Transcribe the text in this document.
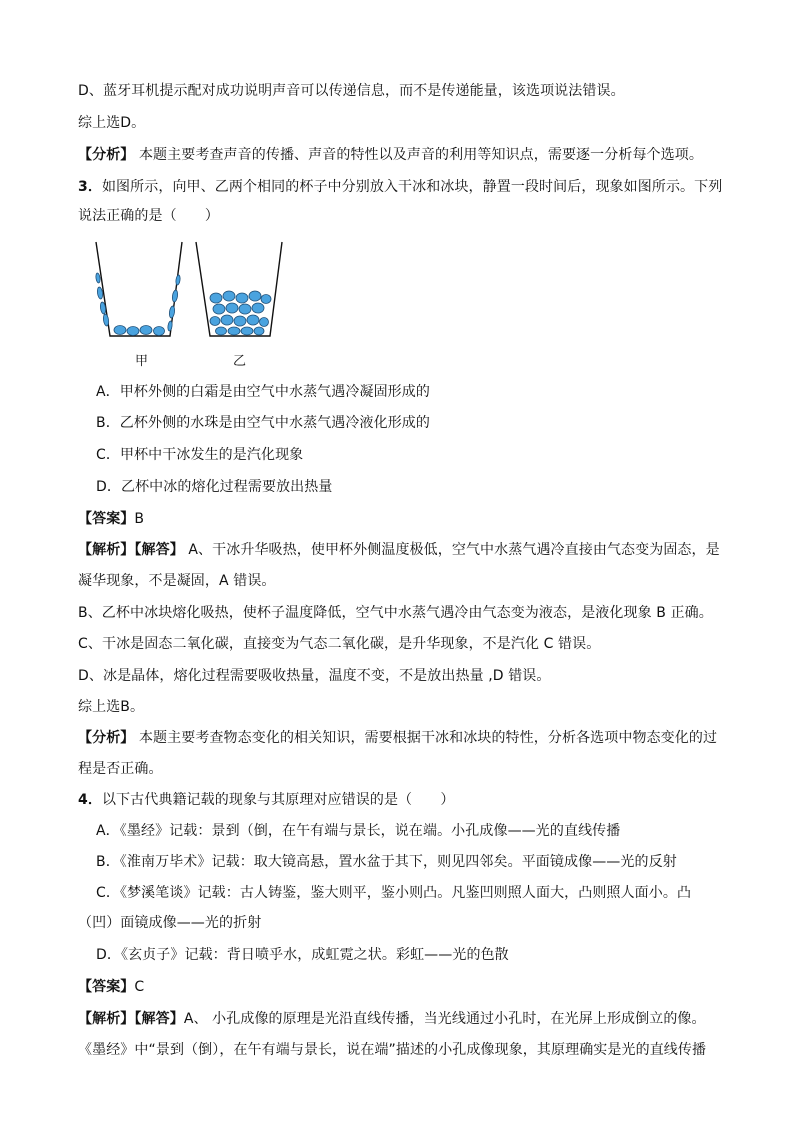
D、蓝牙耳机提示配对成功说明声音可以传递信息，而不是传递能量，该选项说法错误。
综上选D。
【分析】 本题主要考查声音的传播、声音的特性以及声音的利用等知识点，需要逐一分析每个选项。
3．如图所示，向甲、乙两个相同的杯子中分别放入干冰和冰块，静置一段时间后，现象如图所示。下列
说法正确的是（　　）
甲	乙
A．甲杯外侧的白霜是由空气中水蒸气遇冷凝固形成的
B．乙杯外侧的水珠是由空气中水蒸气遇冷液化形成的
C．甲杯中干冰发生的是汽化现象
D．乙杯中冰的熔化过程需要放出热量
【答案】B
【解析】【解答】 A、干冰升华吸热，使甲杯外侧温度极低，空气中水蒸气遇冷直接由气态变为固态，是
凝华现象，不是凝固，A 错误。
B、乙杯中冰块熔化吸热，使杯子温度降低，空气中水蒸气遇冷由气态变为液态，是液化现象 B 正确。
C、干冰是固态二氧化碳，直接变为气态二氧化碳，是升华现象，不是汽化 C 错误。
D、冰是晶体，熔化过程需要吸收热量，温度不变，不是放出热量 ,D 错误。
综上选B。
【分析】 本题主要考查物态变化的相关知识，需要根据干冰和冰块的特性，分析各选项中物态变化的过
程是否正确。
4．以下古代典籍记载的现象与其原理对应错误的是（　　）
A．《墨经》记载：景到（倒，在午有端与景长，说在端。小孔成像——光的直线传播
B．《淮南万毕术》记载：取大镜高悬，置水盆于其下，则见四邻矣。平面镜成像——光的反射
C．《梦溪笔谈》记载：古人铸鉴，鉴大则平，鉴小则凸。凡鉴凹则照人面大，凸则照人面小。凸
（凹）面镜成像——光的折射
D．《玄贞子》记载：背日喷乎水，成虹霓之状。彩虹——光的色散
【答案】C
【解析】【解答】A、 小孔成像的原理是光沿直线传播，当光线通过小孔时，在光屏上形成倒立的像。
《墨经》中“景到（倒），在午有端与景长，说在端”描述的小孔成像现象，其原理确实是光的直线传播
